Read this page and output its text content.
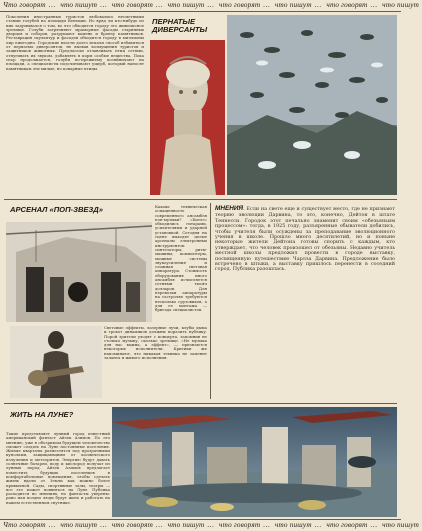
Что говорят … что пишут … что говорят … что пишут … что говорят … что пишут … что говорят … что пишут
Поколения иностранных туристов любовались несметными стаями голубей на площади Венеции. Но вряд ли кто-нибудь из них задумывался о том, во что обходится городу это живописное зрелище. Голуби загрязняют мраморные фасады старинных дворцов и соборов, разрушают камень и бронзу памятников. Реставрация скульптур и фасадов обходится городу в миллионы лир ежегодно. Городские власти долго искали способ избавиться от пернатых диверсантов, не вызвав возмущения туристов и защитников животных. Предлагали отлавливать птиц сетями, отпугивать их звуком, добавлять в корм особые вещества. Пока спор продолжается, голуби по-прежнему хозяйничают на площади, а специалисты подсчитывают ущерб, который наносят памятникам эти милые, но коварные птицы.
ПЕРНАТЫЕ ДИВЕРСАНТЫ
АРСЕНАЛ «ПОП-ЗВЕЗД»	Какова техническая оснащенность современного ансамбля поп-музыки? «Битлз» обходились гитарами, усилителями и ударной установкой. Сегодня на сцене выходят целые арсеналы электронных инструментов: синтезаторы, ритм-машины, компьютеры, мощные системы звукоусиления и сложная световая аппаратура. Стоимость оборудования иного ансамбля исчисляется сотнями тысяч долларов. Для перевозки аппаратуры на гастролях требуются несколько грузовиков, а для ее монтажа — бригада специалистов.
Световые эффекты, лазерные лучи, клубы дыма и грохот динамиков должны поразить публику. Порой зрители уходят с концерта, запомнив не столько музыку, сколько зрелище. «Не музыка для нас важна, а эффект», — признаются некоторые исполнители. Критики же напоминают, что никакая техника не заменит таланта и живого исполнения.
МНЕНИЯ. Если на свете еще и существует место, где не признают теорию эволюции Дарвина, то это, конечно, Дейтон в штате Теннесси. Городок этот печально знаменит своим «обезьяньим процессом»: тогда, в 1925 году, разъяренные обыватели добились, чтобы учителя были осуждены за преподавание эволюционного учения в школе. Прошло много десятилетий, но и поныне некоторые жители Дейтона готовы спорить с каждым, кто утверждает, что человек произошел от обезьяны. Недавно учитель местной школы предложил провести в городе выставку, посвященную путешествию Чарлза Дарвина. Предложение было встречено в штыки, а выставку пришлось перенести в соседний город. Публика разошлась.
ЖИТЬ НА ЛУНЕ?
Такие представляет лунный город известный американский фантаст Айзек Азимов. По его мнению, уже в обозримом будущем человечество сможет создать на Луне постоянные поселения. Жилые кварталы разместятся под прозрачными куполами, защищающими от космического излучения и метеоритов. Энергию будут давать солнечные батареи, воду и кислород получат из лунных пород. Айзек Азимов предлагает поместить будущих поселенцев в комфортабельные помещения, чтобы сделать жизнь вдали от Земли как можно более привычной. Сады, спортивные залы, театры — все это может появиться на Луне. Публика расходится во мнениях, но фантасты уверены: рано или поздно люди будут жить и работать на нашем естественном спутнике.
Что говорят … что пишут … что говорят … что пишут … что говорят … что пишут … что говорят … что пишут
